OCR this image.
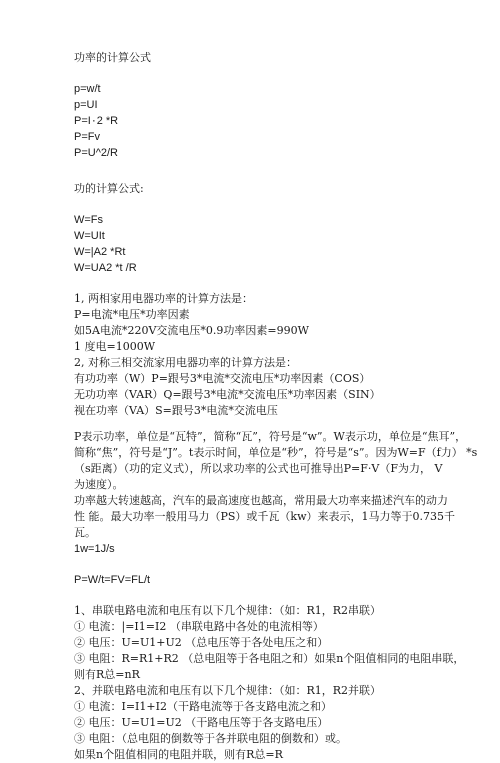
功率的计算公式
p=w/t
p=UI
P=I۰2 *R
P=Fv
P=U^2/R
功的计算公式:
W=Fs
W=UIt
W=|A2 *Rt
W=UA2 *t /R
1, 两相家用电器功率的计算方法是：
P=电流*电压*功率因素
如5A电流*220V交流电压*0.9功率因素=990W
1 度电=1000W
2, 对称三相交流家用电器功率的计算方法是：
有功功率（W）P=跟号3*电流*交流电压*功率因素（COS）
无功功率（VAR）Q=跟号3*电流*交流电压*功率因素（SIN）
视在功率（VA）S=跟号3*电流*交流电压
P表示功率，单位是“瓦特”，简称“瓦”，符号是“w”。W表示功，单位是“焦耳”，
简称“焦”，符号是“J”。t表示时间，单位是“秒”，符号是“s”。因为W=F（f力） *s
（s距离）（功的定义式），所以求功率的公式也可推导出P=F·V（F为力， V
为速度）。
功率越大转速越高，汽车的最高速度也越高，常用最大功率来描述汽车的动力
性 能。最大功率一般用马力（PS）或千瓦（kw）来表示，1马力等于0.735千
瓦。
1w=1J/s
P=W/t=FV=FL/t
1、串联电路电流和电压有以下几个规律：（如：R1，R2串联）
① 电流：|=I1=I2 （串联电路中各处的电流相等）
② 电压：U=U1+U2 （总电压等于各处电压之和）
③ 电阻：R=R1+R2 （总电阻等于各电阻之和）如果n个阻值相同的电阻串联，
则有R总=nR
2、并联电路电流和电压有以下几个规律：（如：R1，R2并联）
① 电流：I=I1+I2（干路电流等于各支路电流之和）
② 电压：U=U1=U2 （干路电压等于各支路电压）
③ 电阻：（总电阻的倒数等于各并联电阻的倒数和）或。
如果n个阻值相同的电阻并联，则有R总=R
